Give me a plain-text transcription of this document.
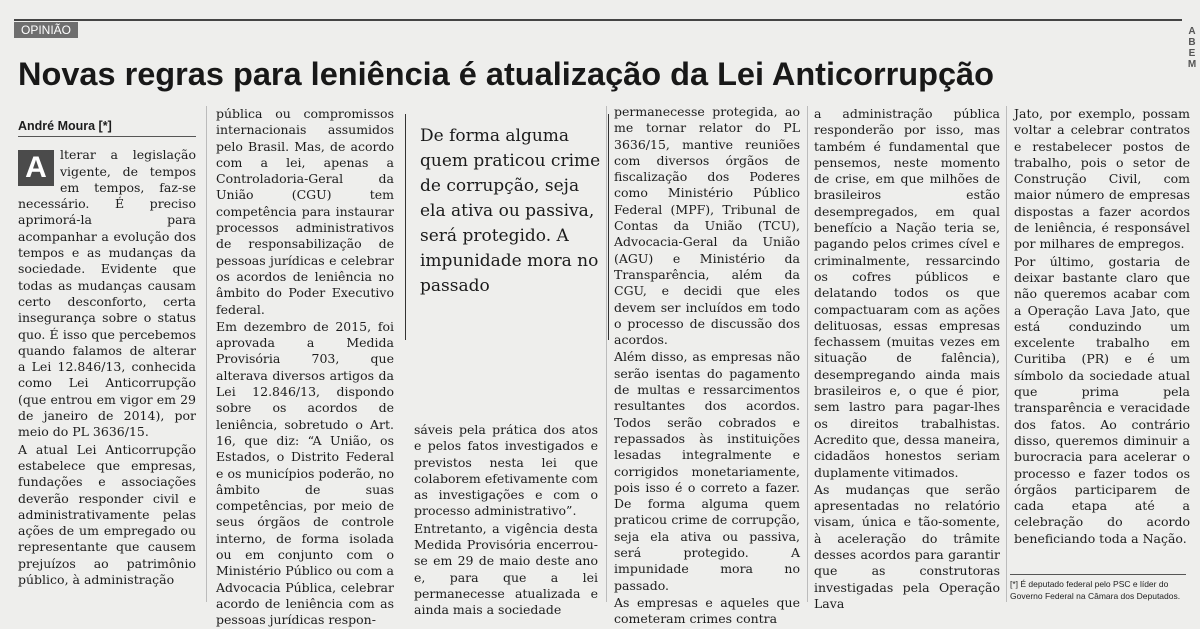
OPINIÃO	A B E M
Novas regras para leniência é atualização da Lei Anticorrupção
André Moura [*]

A	lterar a legislação vigente, de tempos em tempos, faz-se necessário. É preciso aprimorá-la para acompanhar a evolução dos tempos e as mudanças da sociedade. Evidente que todas as mudanças causam certo desconforto, certa insegurança sobre o status quo. É isso que percebemos quando falamos de alterar a Lei 12.846/13, conhecida como Lei Anticorrupção (que entrou em vigor em 29 de janeiro de 2014), por meio do PL 3636/15.

A atual Lei Anticorrupção estabelece que empresas, fundações e associações deverão responder civil e administrativamente pelas ações de um empregado ou representante que causem prejuízos ao patrimônio público, à administração

pública ou compromissos internacionais assumidos pelo Brasil. Mas, de acordo com a lei, apenas a Controladoria-Geral da União (CGU) tem competência para instaurar processos administrativos de responsabilização de pessoas jurídicas e celebrar os acordos de leniência no âmbito do Poder Executivo federal.

Em dezembro de 2015, foi aprovada a Medida Provisória 703, que alterava diversos artigos da Lei 12.846/13, dispondo sobre os acordos de leniência, sobretudo o Art. 16, que diz: “A União, os Estados, o Distrito Federal e os municípios poderão, no âmbito de suas competências, por meio de seus órgãos de controle interno, de forma isolada ou em conjunto com o Ministério Público ou com a Advocacia Pública, celebrar acordo de leniência com as pessoas jurídicas respon-

De forma alguma quem praticou crime de corrupção, seja ela ativa ou passiva, será protegido. A impunidade mora no passado

sáveis pela prática dos atos e pelos fatos investigados e previstos nesta lei que colaborem efetivamente com as investigações e com o processo administrativo”.

Entretanto, a vigência desta Medida Provisória encerrou-se em 29 de maio deste ano e, para que a lei permanecesse atualizada e ainda mais a sociedade

permanecesse protegida, ao me tornar relator do PL 3636/15, mantive reuniões com diversos órgãos de fiscalização dos Poderes como Ministério Público Federal (MPF), Tribunal de Contas da União (TCU), Advocacia-Geral da União (AGU) e Ministério da Transparência, além da CGU, e decidi que eles devem ser incluídos em todo o processo de discussão dos acordos.

Além disso, as empresas não serão isentas do pagamento de multas e ressarcimentos resultantes dos acordos. Todos serão cobrados e repassados às instituições lesadas integralmente e corrigidos monetariamente, pois isso é o correto a fazer. De forma alguma quem praticou crime de corrupção, seja ela ativa ou passiva, será protegido. A impunidade mora no passado.

As empresas e aqueles que cometeram crimes contra

a administração pública responderão por isso, mas também é fundamental que pensemos, neste momento de crise, em que milhões de brasileiros estão desempregados, em qual benefício a Nação teria se, pagando pelos crimes cível e criminalmente, ressarcindo os cofres públicos e delatando todos os que compactuaram com as ações delituosas, essas empresas fechassem (muitas vezes em situação de falência), desempregando ainda mais brasileiros e, o que é pior, sem lastro para pagar-lhes os direitos trabalhistas. Acredito que, dessa maneira, cidadãos honestos seriam duplamente vitimados.

As mudanças que serão apresentadas no relatório visam, única e tão-somente, à aceleração do trâmite desses acordos para garantir que as construtoras investigadas pela Operação Lava

Jato, por exemplo, possam voltar a celebrar contratos e restabelecer postos de trabalho, pois o setor de Construção Civil, com maior número de empresas dispostas a fazer acordos de leniência, é responsável por milhares de empregos.

Por último, gostaria de deixar bastante claro que não queremos acabar com a Operação Lava Jato, que está conduzindo um excelente trabalho em Curitiba (PR) e é um símbolo da sociedade atual que prima pela transparência e veracidade dos fatos. Ao contrário disso, queremos diminuir a burocracia para acelerar o processo e fazer todos os órgãos participarem de cada etapa até a celebração do acordo beneficiando toda a Nação.

[*] É deputado federal pelo PSC e líder do Governo Federal na Câmara dos Deputados.
